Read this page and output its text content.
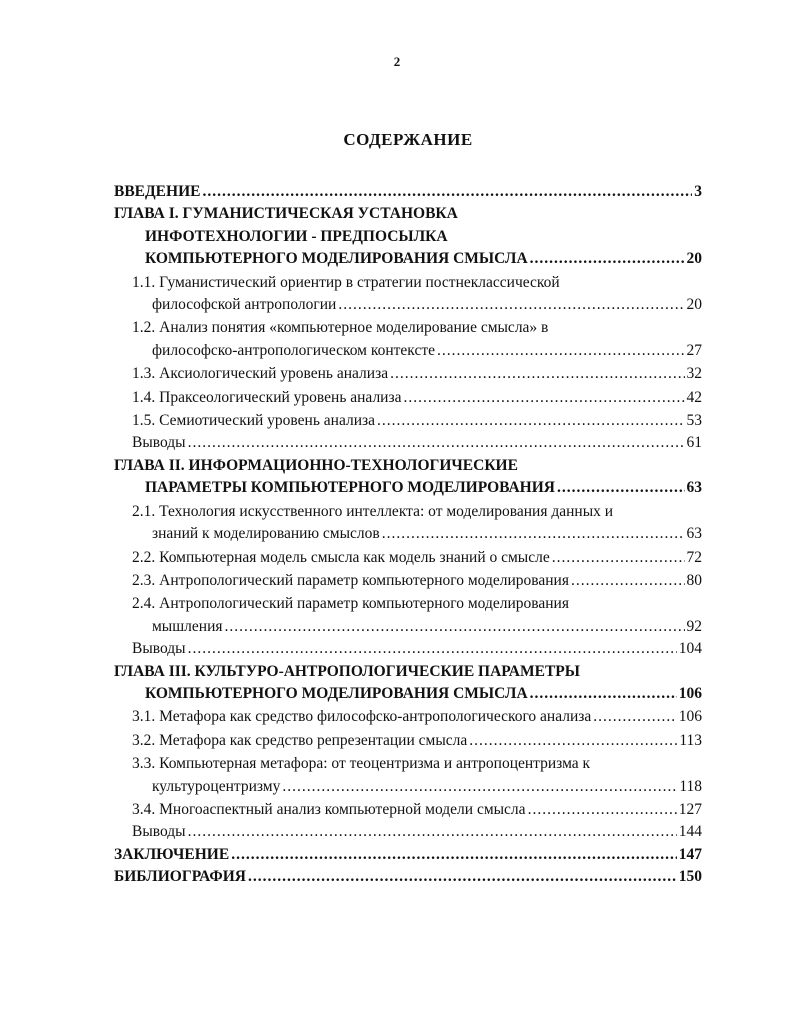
2
СОДЕРЖАНИЕ
ВВЕДЕНИЕ .....	3
ГЛАВА I. ГУМАНИСТИЧЕСКАЯ УСТАНОВКА
ИНФОТЕХНОЛОГИИ - ПРЕДПОСЫЛКА
КОМПЬЮТЕРНОГО МОДЕЛИРОВАНИЯ СМЫСЛА .....	20
1.1. Гуманистический ориентир в стратегии постнеклассической
философской антропологии .....	20
1.2. Анализ понятия «компьютерное моделирование смысла» в
философско-антропологическом контексте .....	27
1.3. Аксиологический уровень анализа .....	32
1.4. Праксеологический уровень анализа .....	42
1.5. Семиотический уровень анализа .....	53
Выводы .....	61
ГЛАВА II. ИНФОРМАЦИОННО-ТЕХНОЛОГИЧЕСКИЕ
ПАРАМЕТРЫ КОМПЬЮТЕРНОГО МОДЕЛИРОВАНИЯ .....	63
2.1. Технология искусственного интеллекта: от моделирования данных и
знаний к моделированию смыслов .....	63
2.2. Компьютерная модель смысла как модель знаний о смысле .....	72
2.3. Антропологический параметр компьютерного моделирования .....	80
2.4. Антропологический параметр компьютерного моделирования
мышления .....	92
Выводы .....	104
ГЛАВА III. КУЛЬТУРО-АНТРОПОЛОГИЧЕСКИЕ ПАРАМЕТРЫ
КОМПЬЮТЕРНОГО МОДЕЛИРОВАНИЯ СМЫСЛА .....	106
3.1. Метафора как средство философско-антропологического анализа .....	106
3.2. Метафора как средство репрезентации смысла .....	113
3.3. Компьютерная метафора: от теоцентризма и антропоцентризма к
культуроцентризму .....	118
3.4. Многоаспектный анализ компьютерной модели смысла .....	127
Выводы .....	144
ЗАКЛЮЧЕНИЕ .....	147
БИБЛИОГРАФИЯ .....	150
